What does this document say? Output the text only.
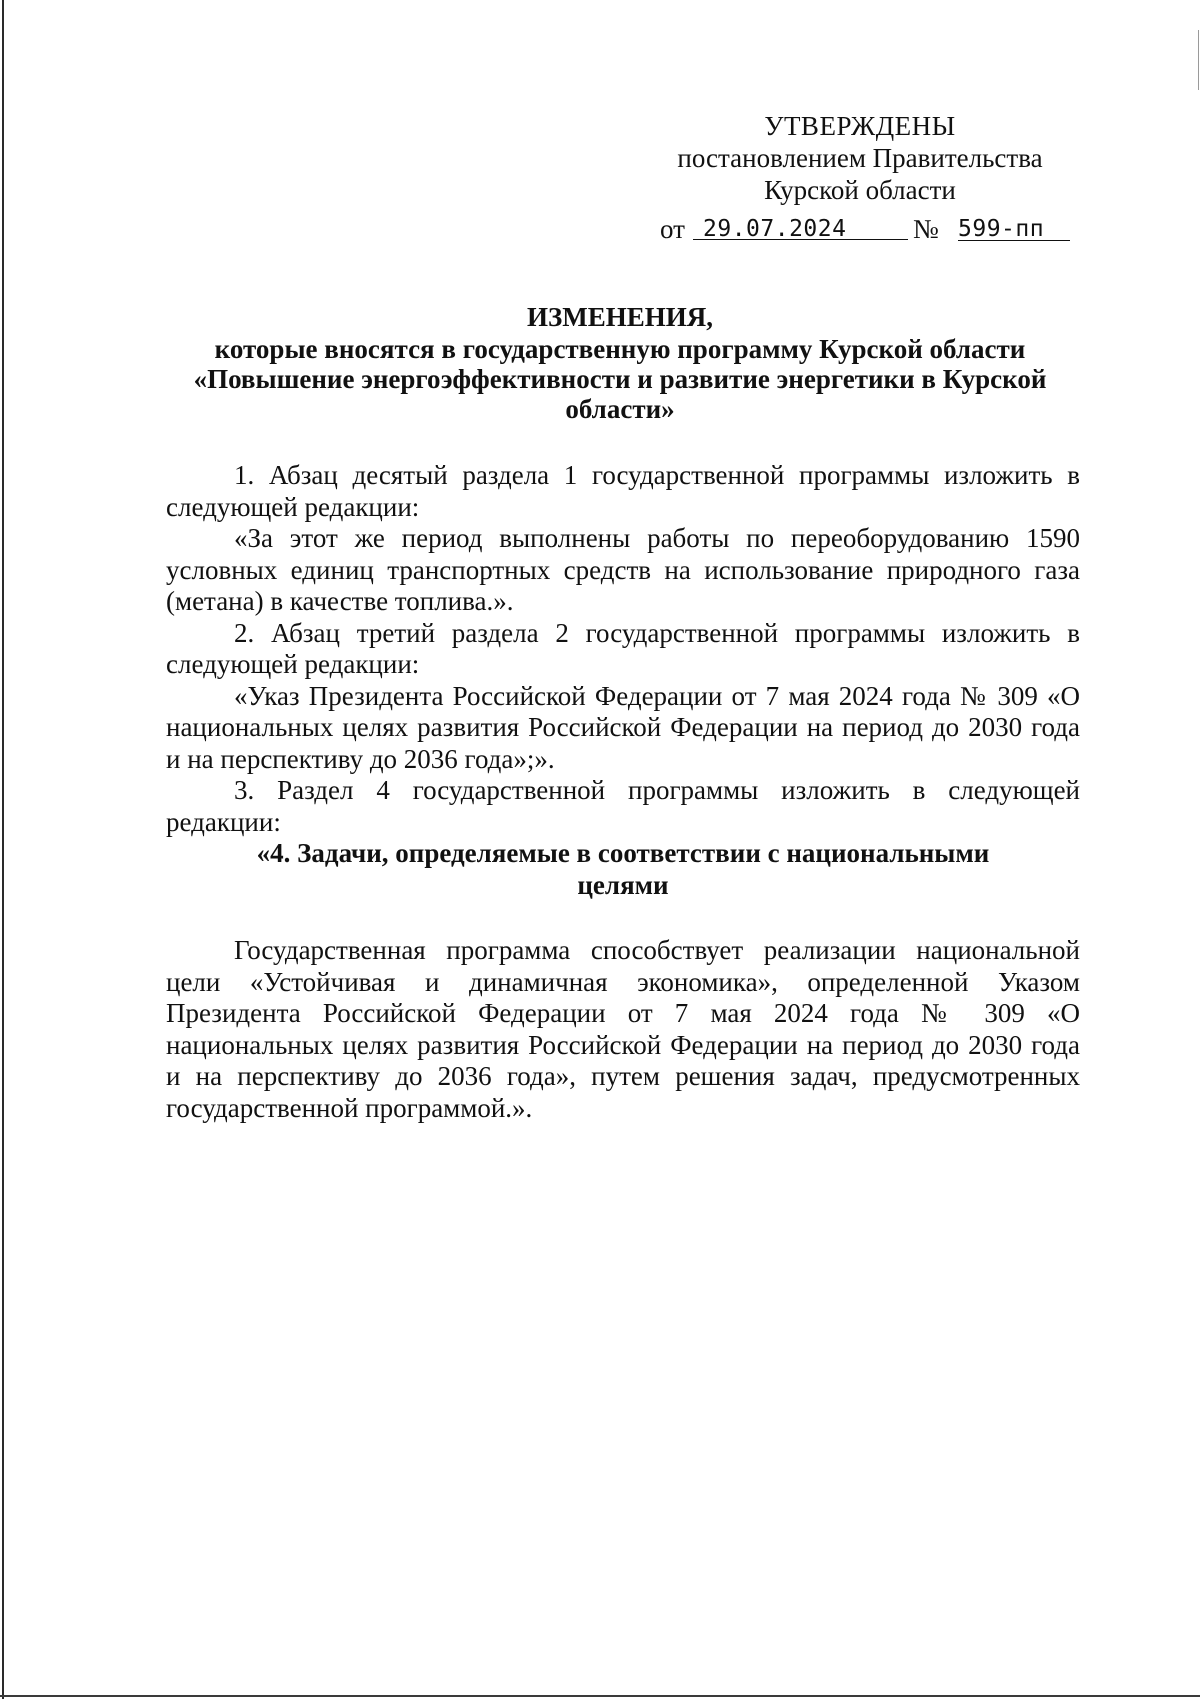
УТВЕРЖДЕНЫ
постановлением Правительства
Курской области
от 29.07.2024	№ 599-пп
ИЗМЕНЕНИЯ,
которые вносятся в государственную программу Курской области «Повышение энергоэффективности и развитие энергетики в Курской области»

1. Абзац десятый раздела 1 государственной программы изложить в следующей редакции:

«За этот же период выполнены работы по переоборудованию 1590 условных единиц транспортных средств на использование природного газа (метана) в качестве топлива.».

2. Абзац третий раздела 2 государственной программы изложить в следующей редакции:

«Указ Президента Российской Федерации от 7 мая 2024 года № 309 «О национальных целях развития Российской Федерации на период до 2030 года и на перспективу до 2036 года»;».

3. Раздел 4 государственной программы изложить в следующей редакции:

«4. Задачи, определяемые в соответствии с национальными целями

Государственная программа способствует реализации национальной цели «Устойчивая и динамичная экономика», определенной Указом Президента Российской Федерации от 7 мая 2024 года № 309 «О национальных целях развития Российской Федерации на период до 2030 года и на перспективу до 2036 года», путем решения задач, предусмотренных государственной программой.».
